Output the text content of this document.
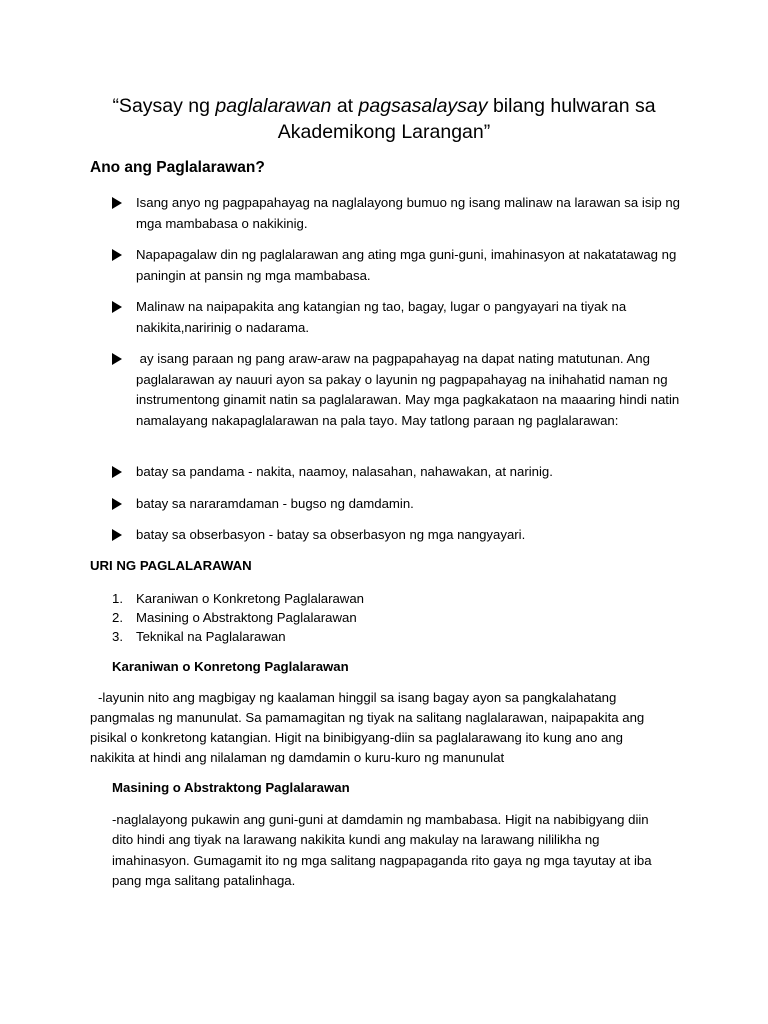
“Saysay ng paglalarawan at pagsasalaysay bilang hulwaran sa
Akademikong Larangan”
Ano ang Paglalarawan?
Isang anyo ng pagpapahayag na naglalayong bumuo ng isang malinaw na larawan sa isip ng mga mambabasa o nakikinig.
Napapagalaw din ng paglalarawan ang ating mga guni-guni, imahinasyon at nakatatawag ng paningin at pansin ng mga mambabasa.
Malinaw na naipapakita ang katangian ng tao, bagay, lugar o pangyayari na tiyak na nakikita,naririnig o nadarama.
ay isang paraan ng pang araw-araw na pagpapahayag na dapat nating matutunan. Ang paglalarawan ay nauuri ayon sa pakay o layunin ng pagpapahayag na inihahatid naman ng instrumentong ginamit natin sa paglalarawan. May mga pagkakataon na maaaring hindi natin namalayang nakapaglalarawan na pala tayo. May tatlong paraan ng paglalarawan:
batay sa pandama - nakita, naamoy, nalasahan, nahawakan, at narinig.
batay sa nararamdaman - bugso ng damdamin.
batay sa obserbasyon - batay sa obserbasyon ng mga nangyayari.
URI NG PAGLALARAWAN
1. Karaniwan o Konkretong Paglalarawan
2. Masining o Abstraktong Paglalarawan
3. Teknikal na Paglalarawan
Karaniwan o Konretong Paglalarawan
-layunin nito ang magbigay ng kaalaman hinggil sa isang bagay ayon sa pangkalahatang
pangmalas ng manunulat. Sa pamamagitan ng tiyak na salitang naglalarawan, naipapakita ang
pisikal o konkretong katangian. Higit na binibigyang-diin sa paglalarawang ito kung ano ang
nakikita at hindi ang nilalaman ng damdamin o kuru-kuro ng manunulat
Masining o Abstraktong Paglalarawan
-naglalayong pukawin ang guni-guni at damdamin ng mambabasa. Higit na nabibigyang diin
dito hindi ang tiyak na larawang nakikita kundi ang makulay na larawang nililikha ng
imahinasyon. Gumagamit ito ng mga salitang nagpapaganda rito gaya ng mga tayutay at iba
pang mga salitang patalinhaga.
